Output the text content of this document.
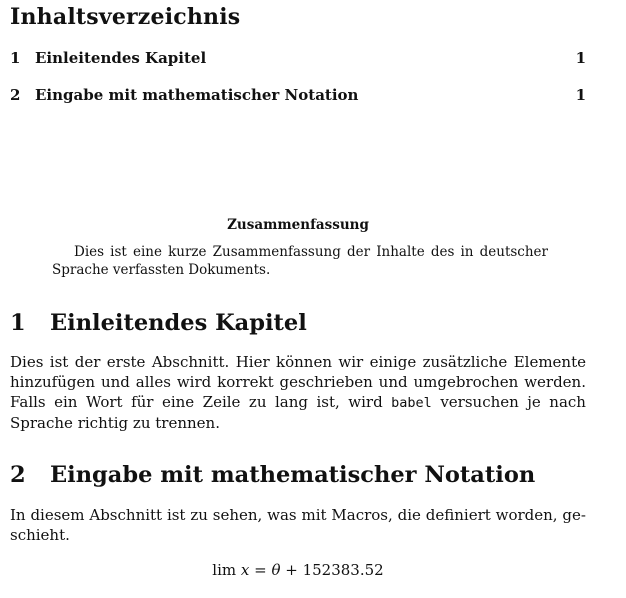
Inhaltsverzeichnis
1 Einleitendes Kapitel	1
2 Eingabe mit mathematischer Notation	1
Zusammenfassung
Dies ist eine kurze Zusammenfassung der Inhalte des in deutscher Sprache verfassten Dokuments.
1	Einleitendes Kapitel
Dies ist der erste Abschnitt. Hier können wir einige zusätzliche Elemente hinzufügen und alles wird korrekt geschrieben und umgebrochen werden. Falls ein Wort für eine Zeile zu lang ist, wird babel versuchen je nach Sprache richtig zu trennen.
2	Eingabe mit mathematischer Notation
In diesem Abschnitt ist zu sehen, was mit Macros, die definiert worden, geschieht.
lim x = θ + 152383.52
